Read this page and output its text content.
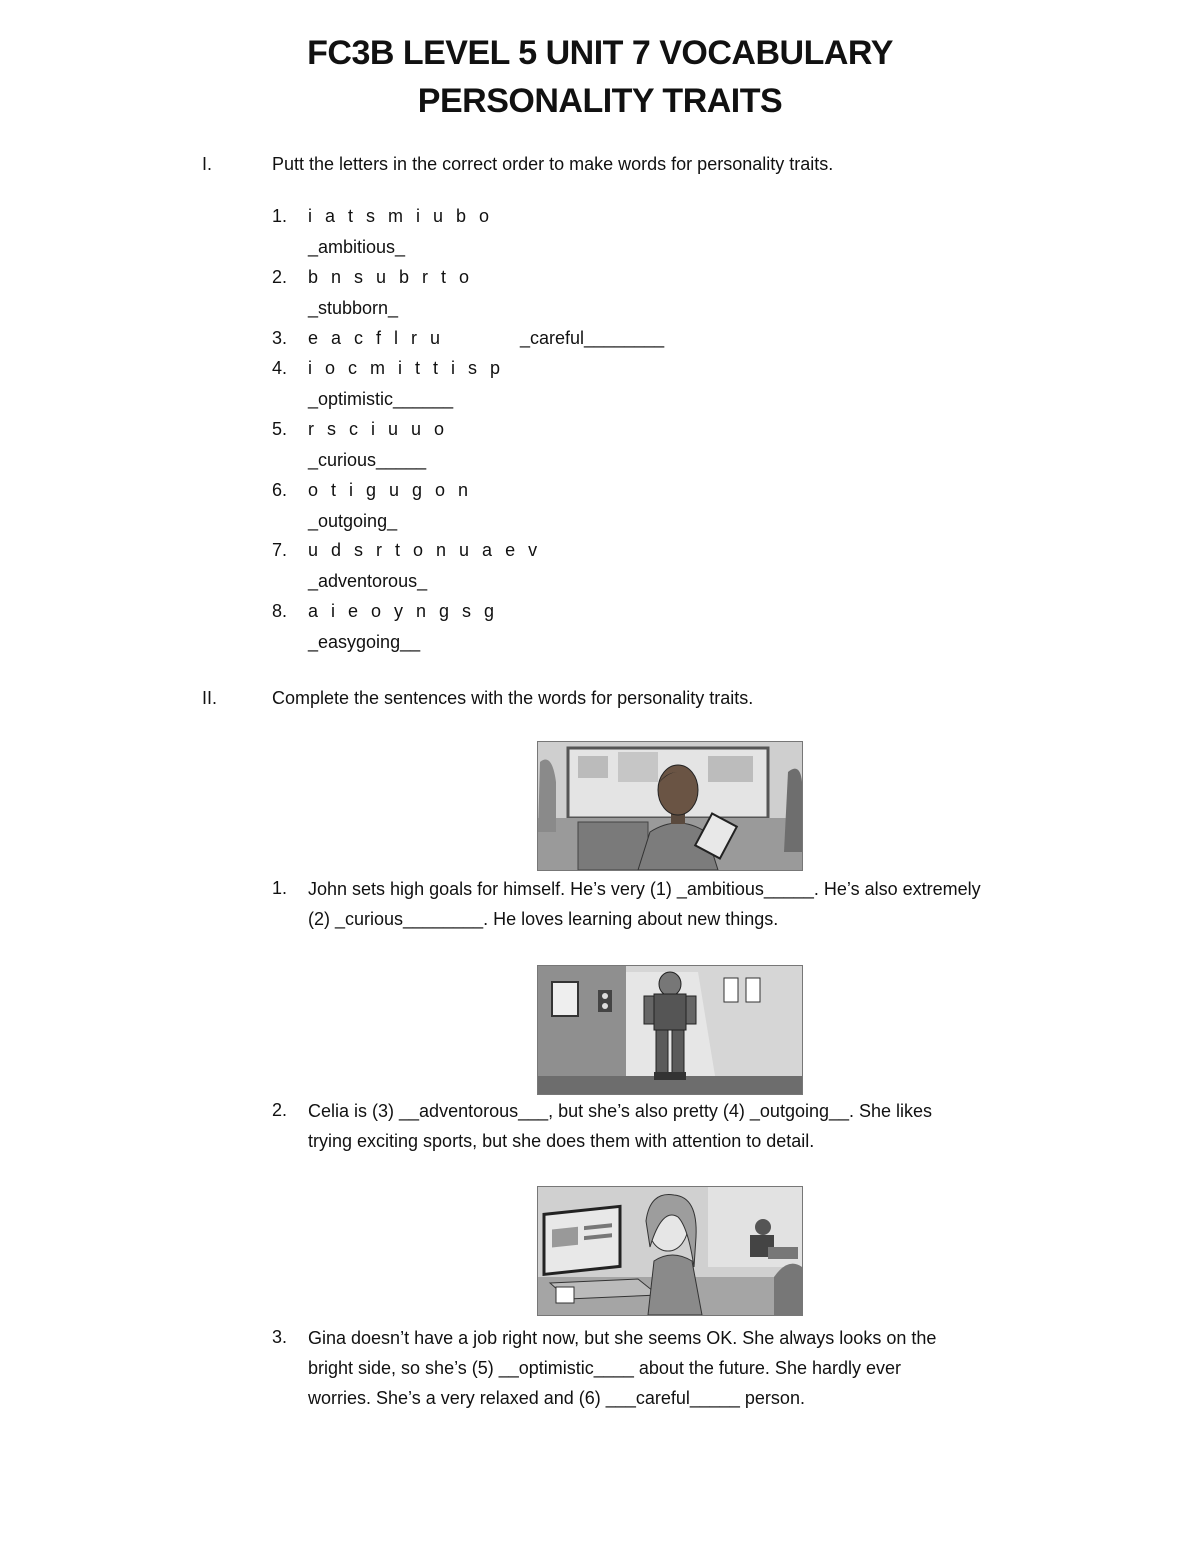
FC3B LEVEL 5 UNIT 7 VOCABULARY
PERSONALITY TRAITS
I.	Putt the letters in the correct order to make words for personality traits.
1. i a t s m i u b o
_ambitious_
2. b n s u b r t o
_stubborn_
3. e a c f l r u	_careful________
4. i o c m i t t i s p
_optimistic______
5. r s c i u u o
_curious_____
6. o t i g u g o n
_outgoing_
7. u d s r t o n u a e v
_adventorous_
8. a i e o y n g s g
_easygoing__
II.	Complete the sentences with the words for personality traits.
1. John sets high goals for himself. He’s very (1) _ambitious_____. He’s also extremely
(2) _curious________. He loves learning about new things.
2. Celia is (3) __adventorous___, but she’s also pretty (4) _outgoing__. She likes
trying exciting sports, but she does them with attention to detail.
3. Gina doesn’t have a job right now, but she seems OK. She always looks on the
bright side, so she’s (5) __optimistic____ about the future. She hardly ever
worries. She’s a very relaxed and (6) ___careful_____ person.
